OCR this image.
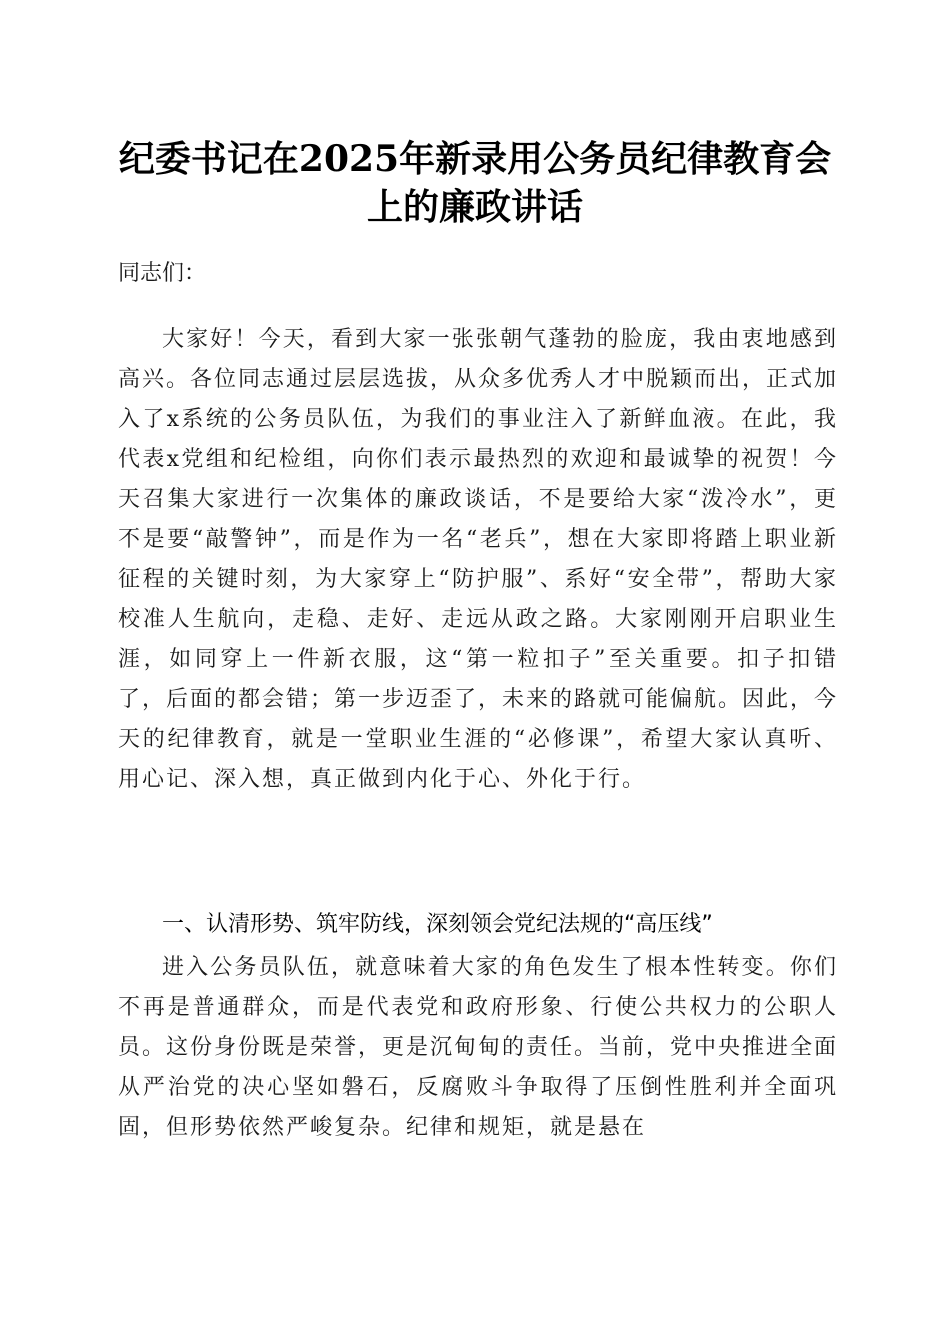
纪委书记在2025年新录用公务员纪律教育会
上的廉政讲话
同志们：
大家好！今天，看到大家一张张朝气蓬勃的脸庞，我由衷地感到高兴。各位同志通过层层选拔，从众多优秀人才中脱颖而出，正式加入了x系统的公务员队伍，为我们的事业注入了新鲜血液。在此，我代表x党组和纪检组，向你们表示最热烈的欢迎和最诚挚的祝贺！今天召集大家进行一次集体的廉政谈话，不是要给大家“泼冷水”，更不是要“敲警钟”，而是作为一名“老兵”，想在大家即将踏上职业新征程的关键时刻，为大家穿上“防护服”、系好“安全带”，帮助大家校准人生航向，走稳、走好、走远从政之路。大家刚刚开启职业生涯，如同穿上一件新衣服，这“第一粒扣子”至关重要。扣子扣错了，后面的都会错；第一步迈歪了，未来的路就可能偏航。因此，今天的纪律教育，就是一堂职业生涯的“必修课”，希望大家认真听、用心记、深入想，真正做到内化于心、外化于行。
一、认清形势、筑牢防线，深刻领会党纪法规的“高压线”
进入公务员队伍，就意味着大家的角色发生了根本性转变。你们不再是普通群众，而是代表党和政府形象、行使公共权力的公职人员。这份身份既是荣誉，更是沉甸甸的责任。当前，党中央推进全面从严治党的决心坚如磐石，反腐败斗争取得了压倒性胜利并全面巩固，但形势依然严峻复杂。纪律和规矩，就是悬在
